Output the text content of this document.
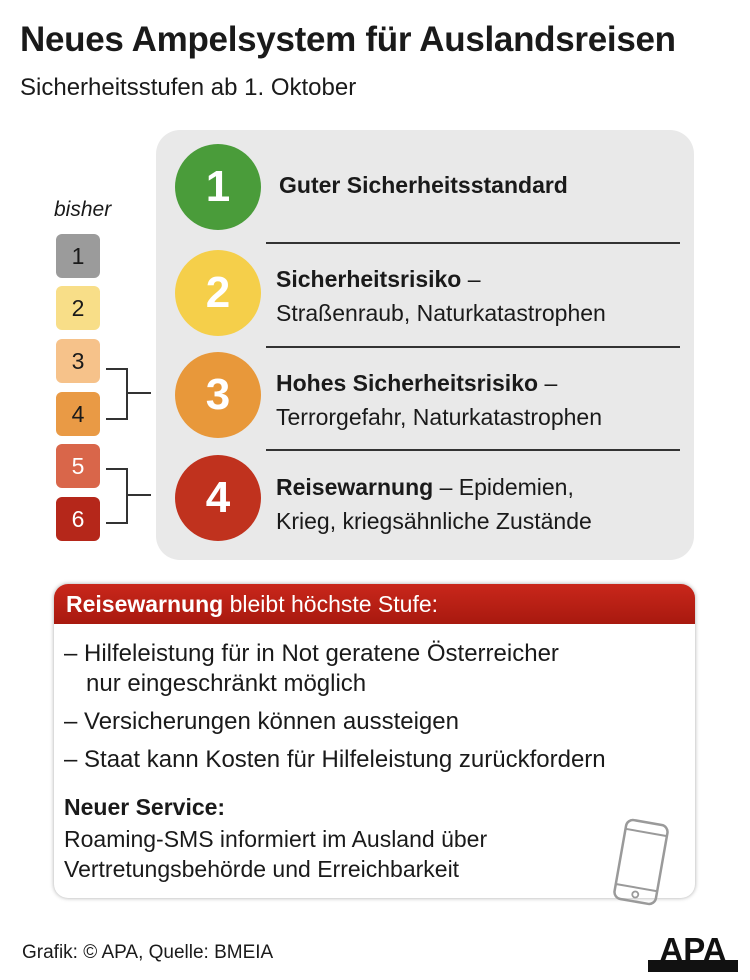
Neues Ampelsystem für Auslandsreisen
Sicherheitsstufen ab 1. Oktober
bisher
1
2
3
4
5
6
1	Guter Sicherheitsstandard
2	Sicherheitsrisiko –
Straßenraub, Naturkatastrophen
3	Hohes Sicherheitsrisiko –
Terrorgefahr, Naturkatastrophen
4	Reisewarnung – Epidemien,
Krieg, kriegsähnliche Zustände
Reisewarnung bleibt höchste Stufe:
– Hilfeleistung für in Not geratene Österreicher
nur eingeschränkt möglich
– Versicherungen können aussteigen
– Staat kann Kosten für Hilfeleistung zurückfordern
Neuer Service:
Roaming-SMS informiert im Ausland über
Vertretungsbehörde und Erreichbarkeit
Grafik: © APA, Quelle: BMEIA	APA
